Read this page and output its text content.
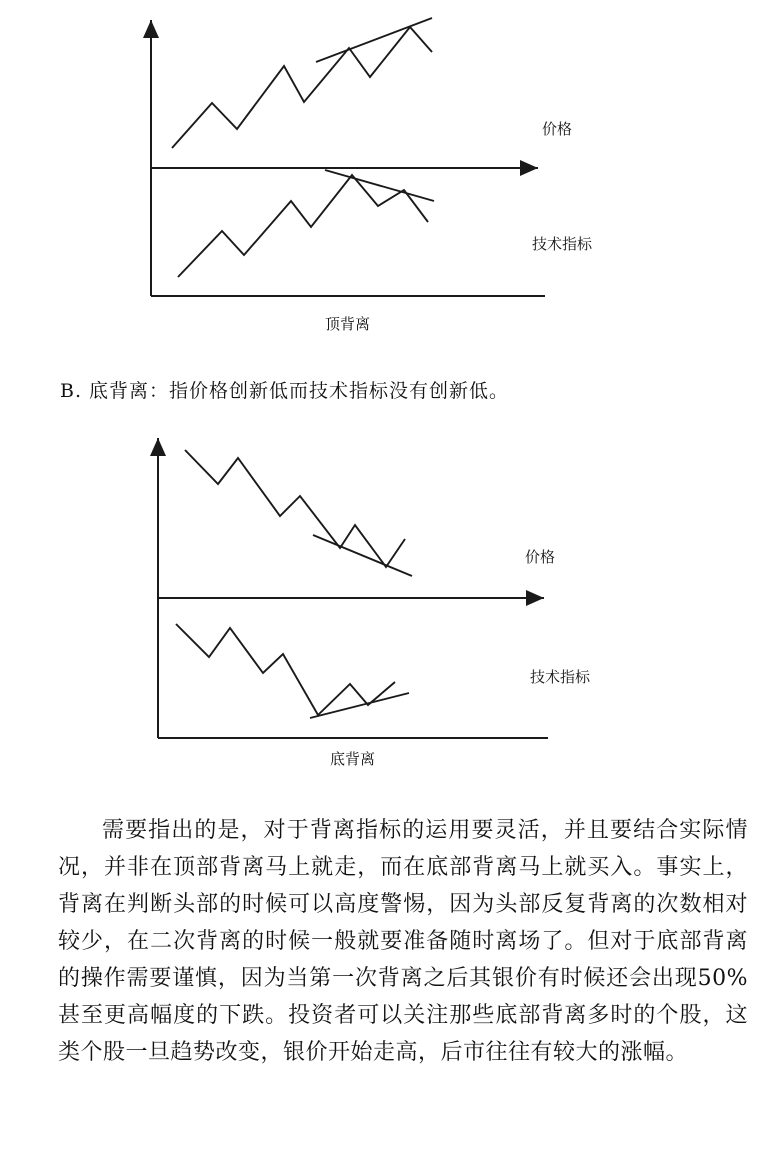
价格
技术指标
顶背离
B. 底背离：指价格创新低而技术指标没有创新低。
价格
技术指标
底背离
需要指出的是，对于背离指标的运用要灵活，并且要结合实际情况，并非在顶部背离马上就走，而在底部背离马上就买入。事实上，背离在判断头部的时候可以高度警惕，因为头部反复背离的次数相对较少，在二次背离的时候一般就要准备随时离场了。但对于底部背离的操作需要谨慎，因为当第一次背离之后其银价有时候还会出现50%甚至更高幅度的下跌。投资者可以关注那些底部背离多时的个股，这类个股一旦趋势改变，银价开始走高，后市往往有较大的涨幅。
